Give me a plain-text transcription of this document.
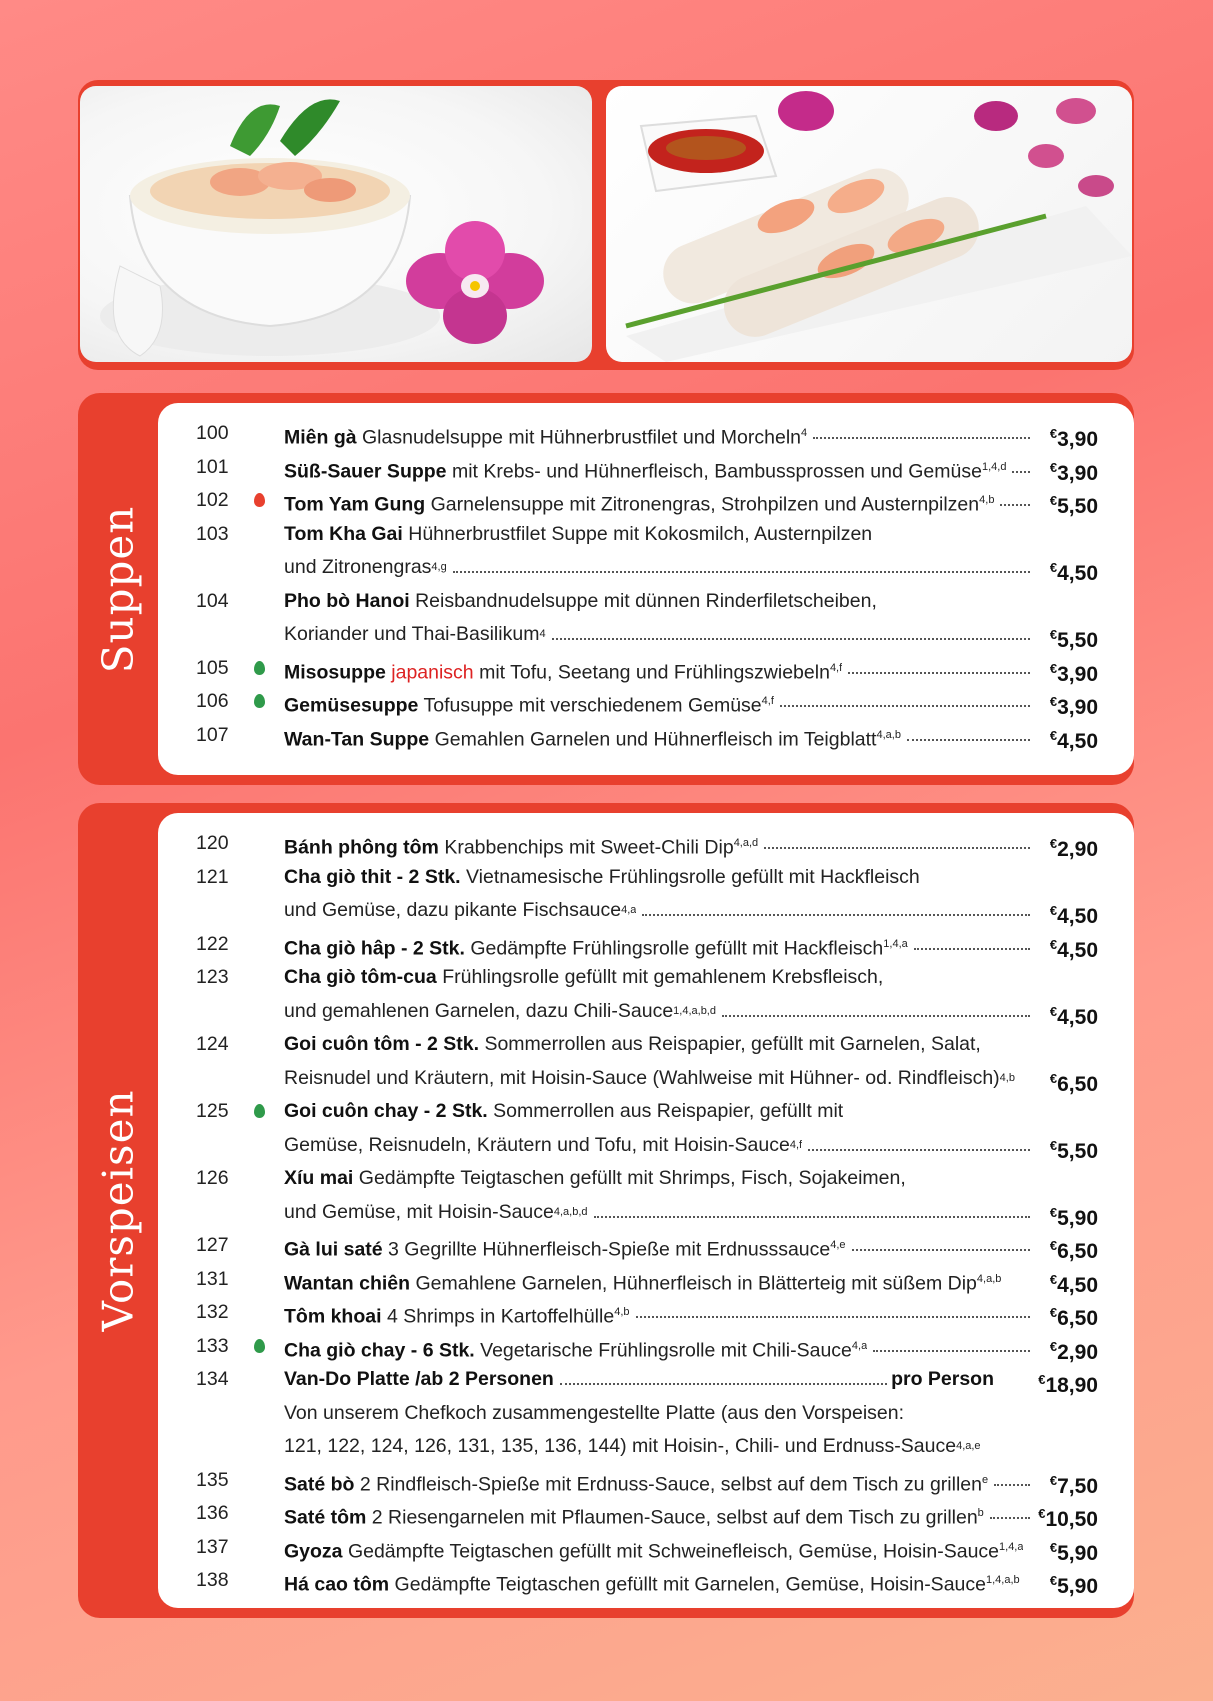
Suppen
100	Miên gà Glasnudelsuppe mit Hühnerbrustfilet und Morcheln$^4$	€3,90
101	Süß-Sauer Suppe mit Krebs- und Hühnerfleisch, Bambussprossen und Gemüse$^{1,4,d}$	€3,90
102	Tom Yam Gung Garnelensuppe mit Zitronengras, Strohpilzen und Austernpilzen$^{4,b}$	€5,50
103	Tom Kha Gai Hühnerbrustfilet Suppe mit Kokosmilch, Austernpilzen
und Zitronengras $^{4,g}$	€4,50
104	Pho bò Hanoi Reisbandnudelsuppe mit dünnen Rinderfiletscheiben,
Koriander und Thai-Basilikum $^4$	€5,50
105	Misosuppe japanisch mit Tofu, Seetang und Frühlingszwiebeln$^{4,f}$	€3,90
106	Gemüsesuppe Tofusuppe mit verschiedenem Gemüse$^{4,f}$	€3,90
107	Wan-Tan Suppe Gemahlen Garnelen und Hühnerfleisch im Teigblatt$^{4,a,b}$	€4,50
Vorspeisen
120	Bánh phông tôm Krabbenchips mit Sweet-Chili Dip$^{4,a,d}$	€2,90
121	Cha giò thit - 2 Stk. Vietnamesische Frühlingsrolle gefüllt mit Hackfleisch
und Gemüse, dazu pikante Fischsauce $^{4,a}$	€4,50
122	Cha giò hâp - 2 Stk. Gedämpfte Frühlingsrolle gefüllt mit Hackfleisch$^{1,4,a}$	€4,50
123	Cha giò tôm-cua Frühlingsrolle gefüllt mit gemahlenem Krebsfleisch,
und gemahlenen Garnelen, dazu Chili-Sauce $^{1,4,a,b,d}$	€4,50
124	Goi cuôn tôm - 2 Stk. Sommerrollen aus Reispapier, gefüllt mit Garnelen, Salat,
Reisnudel und Kräutern, mit Hoisin-Sauce (Wahlweise mit Hühner- od. Rindfleisch) $^{4,b}$	€6,50
125	Goi cuôn chay - 2 Stk. Sommerrollen aus Reispapier, gefüllt mit
Gemüse, Reisnudeln, Kräutern und Tofu, mit Hoisin-Sauce $^{4,f}$	€5,50
126	Xíu mai Gedämpfte Teigtaschen gefüllt mit Shrimps, Fisch, Sojakeimen,
und Gemüse, mit Hoisin-Sauce $^{4,a,b,d}$	€5,90
127	Gà lui saté 3 Gegrillte Hühnerfleisch-Spieße mit Erdnusssauce$^{4,e}$	€6,50
131	Wantan chiên Gemahlene Garnelen, Hühnerfleisch in Blätterteig mit süßem Dip$^{4,a,b}$	€4,50
132	Tôm khoai 4 Shrimps in Kartoffelhülle$^{4,b}$	€6,50
133	Cha giò chay - 6 Stk. Vegetarische Frühlingsrolle mit Chili-Sauce$^{4,a}$	€2,90
134	Van-Do Platte /ab 2 Personen	pro Person	€18,90
Von unserem Chefkoch zusammengestellte Platte (aus den Vorspeisen:
121, 122, 124, 126, 131, 135, 136, 144) mit Hoisin-, Chili- und Erdnuss-Sauce $^{4,a,e}$
135	Saté bò 2 Rindfleisch-Spieße mit Erdnuss-Sauce, selbst auf dem Tisch zu grillen$^e$	€7,50
136	Saté tôm 2 Riesengarnelen mit Pflaumen-Sauce, selbst auf dem Tisch zu grillen$^b$	€10,50
137	Gyoza Gedämpfte Teigtaschen gefüllt mit Schweinefleisch, Gemüse, Hoisin-Sauce$^{1,4,a}$ €5,90
138	Há cao tôm Gedämpfte Teigtaschen gefüllt mit Garnelen, Gemüse, Hoisin-Sauce$^{1,4,a,b}$ €5,90
